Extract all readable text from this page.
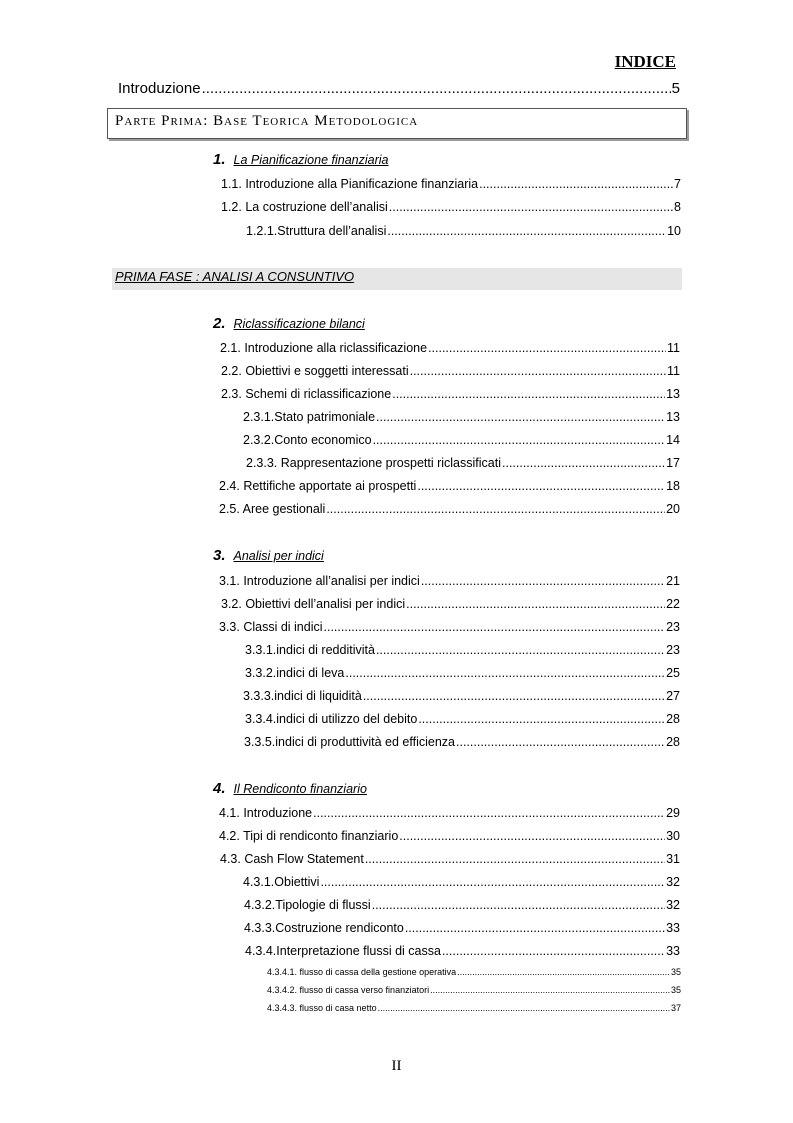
INDICE
Introduzione .....	5
Parte Prima: Base Teorica Metodologica
1. La Pianificazione finanziaria
1.1. Introduzione alla Pianificazione finanziaria .....	7
1.2. La costruzione dell’analisi .....	8
1.2.1.Struttura dell’analisi .....	10
PRIMA FASE : ANALISI A CONSUNTIVO
2. Riclassificazione bilanci
2.1. Introduzione alla riclassificazione .....	11
2.2. Obiettivi e soggetti interessati .....	11
2.3. Schemi di riclassificazione .....	13
2.3.1.Stato patrimoniale .....	13
2.3.2.Conto economico .....	14
2.3.3. Rappresentazione prospetti riclassificati .....	17
2.4. Rettifiche apportate ai prospetti .....	18
2.5. Aree gestionali .....	20
3. Analisi per indici
3.1. Introduzione all’analisi per indici .....	21
3.2. Obiettivi dell’analisi per indici .....	22
3.3. Classi di indici .....	23
3.3.1.indici di redditività .....	23
3.3.2.indici di leva .....	25
3.3.3.indici di liquidità .....	27
3.3.4.indici di utilizzo del debito .....	28
3.3.5.indici di produttività ed efficienza .....	28
4. Il Rendiconto finanziario
4.1. Introduzione .....	29
4.2. Tipi di rendiconto finanziario .....	30
4.3. Cash Flow Statement .....	31
4.3.1.Obiettivi .....	32
4.3.2.Tipologie di flussi .....	32
4.3.3.Costruzione rendiconto .....	33
4.3.4.Interpretazione flussi di cassa .....	33
4.3.4.1. flusso di cassa della gestione operativa .....	35
4.3.4.2. flusso di cassa verso finanziatori .....	35
4.3.4.3. flusso di casa netto .....	37
II
